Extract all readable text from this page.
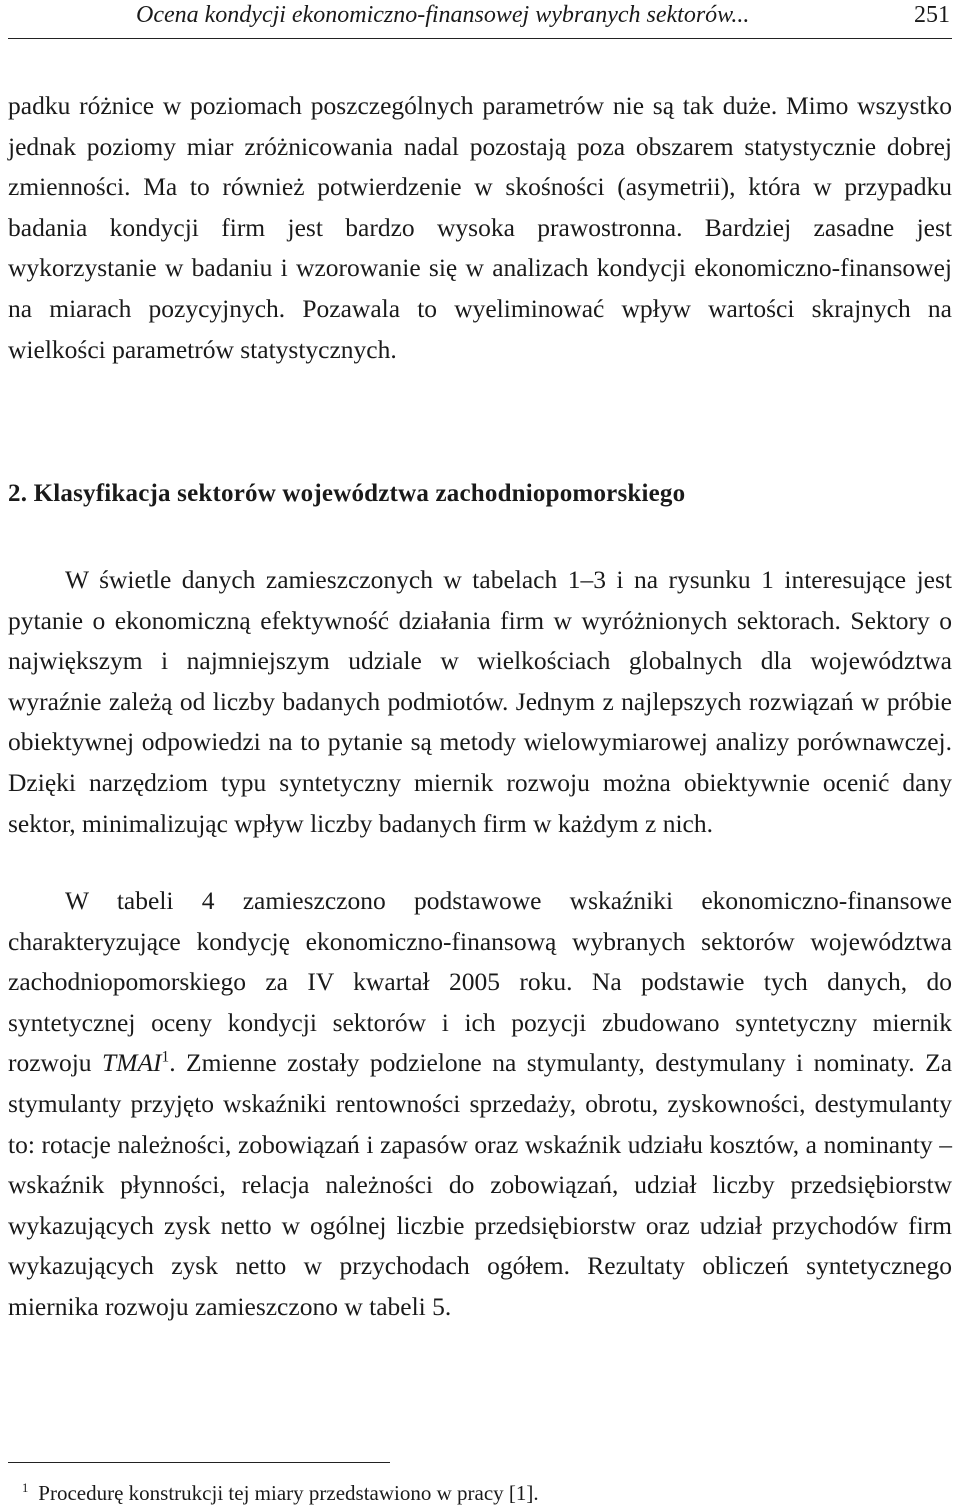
Ocena kondycji ekonomiczno-finansowej wybranych sektorów...	251

padku różnice w poziomach poszczególnych parametrów nie są tak duże. Mimo wszystko jednak poziomy miar zróżnicowania nadal pozostają poza obszarem statystycznie dobrej zmienności. Ma to również potwierdzenie w skośności (asymetrii), która w przypadku badania kondycji firm jest bardzo wysoka prawostronna. Bardziej zasadne jest wykorzystanie w badaniu i wzorowanie się w analizach kondycji ekonomiczno-finansowej na miarach pozycyjnych. Pozawala to wyeliminować wpływ wartości skrajnych na wielkości parametrów statystycznych.

2. Klasyfikacja sektorów województwa zachodniopomorskiego

W świetle danych zamieszczonych w tabelach 1–3 i na rysunku 1 interesujące jest pytanie o ekonomiczną efektywność działania firm w wyróżnionych sektorach. Sektory o największym i najmniejszym udziale w wielkościach globalnych dla województwa wyraźnie zależą od liczby badanych podmiotów. Jednym z najlepszych rozwiązań w próbie obiektywnej odpowiedzi na to pytanie są metody wielowymiarowej analizy porównawczej. Dzięki narzędziom typu syntetyczny miernik rozwoju można obiektywnie ocenić dany sektor, minimalizując wpływ liczby badanych firm w każdym z nich.

W tabeli 4 zamieszczono podstawowe wskaźniki ekonomiczno-finansowe charakteryzujące kondycję ekonomiczno-finansową wybranych sektorów województwa zachodniopomorskiego za IV kwartał 2005 roku. Na podstawie tych danych, do syntetycznej oceny kondycji sektorów i ich pozycji zbudowano syntetyczny miernik rozwoju TMAI$^1$. Zmienne zostały podzielone na stymulanty, destymulany i nominaty. Za stymulanty przyjęto wskaźniki rentowności sprzedaży, obrotu, zyskowności, destymulanty to: rotacje należności, zobowiązań i zapasów oraz wskaźnik udziału kosztów, a nominanty – wskaźnik płynności, relacja należności do zobowiązań, udział liczby przedsiębiorstw wykazujących zysk netto w ogólnej liczbie przedsiębiorstw oraz udział przychodów firm wykazujących zysk netto w przychodach ogółem. Rezultaty obliczeń syntetycznego miernika rozwoju zamieszczono w tabeli 5.

$^1$ Procedurę konstrukcji tej miary przedstawiono w pracy [1].
